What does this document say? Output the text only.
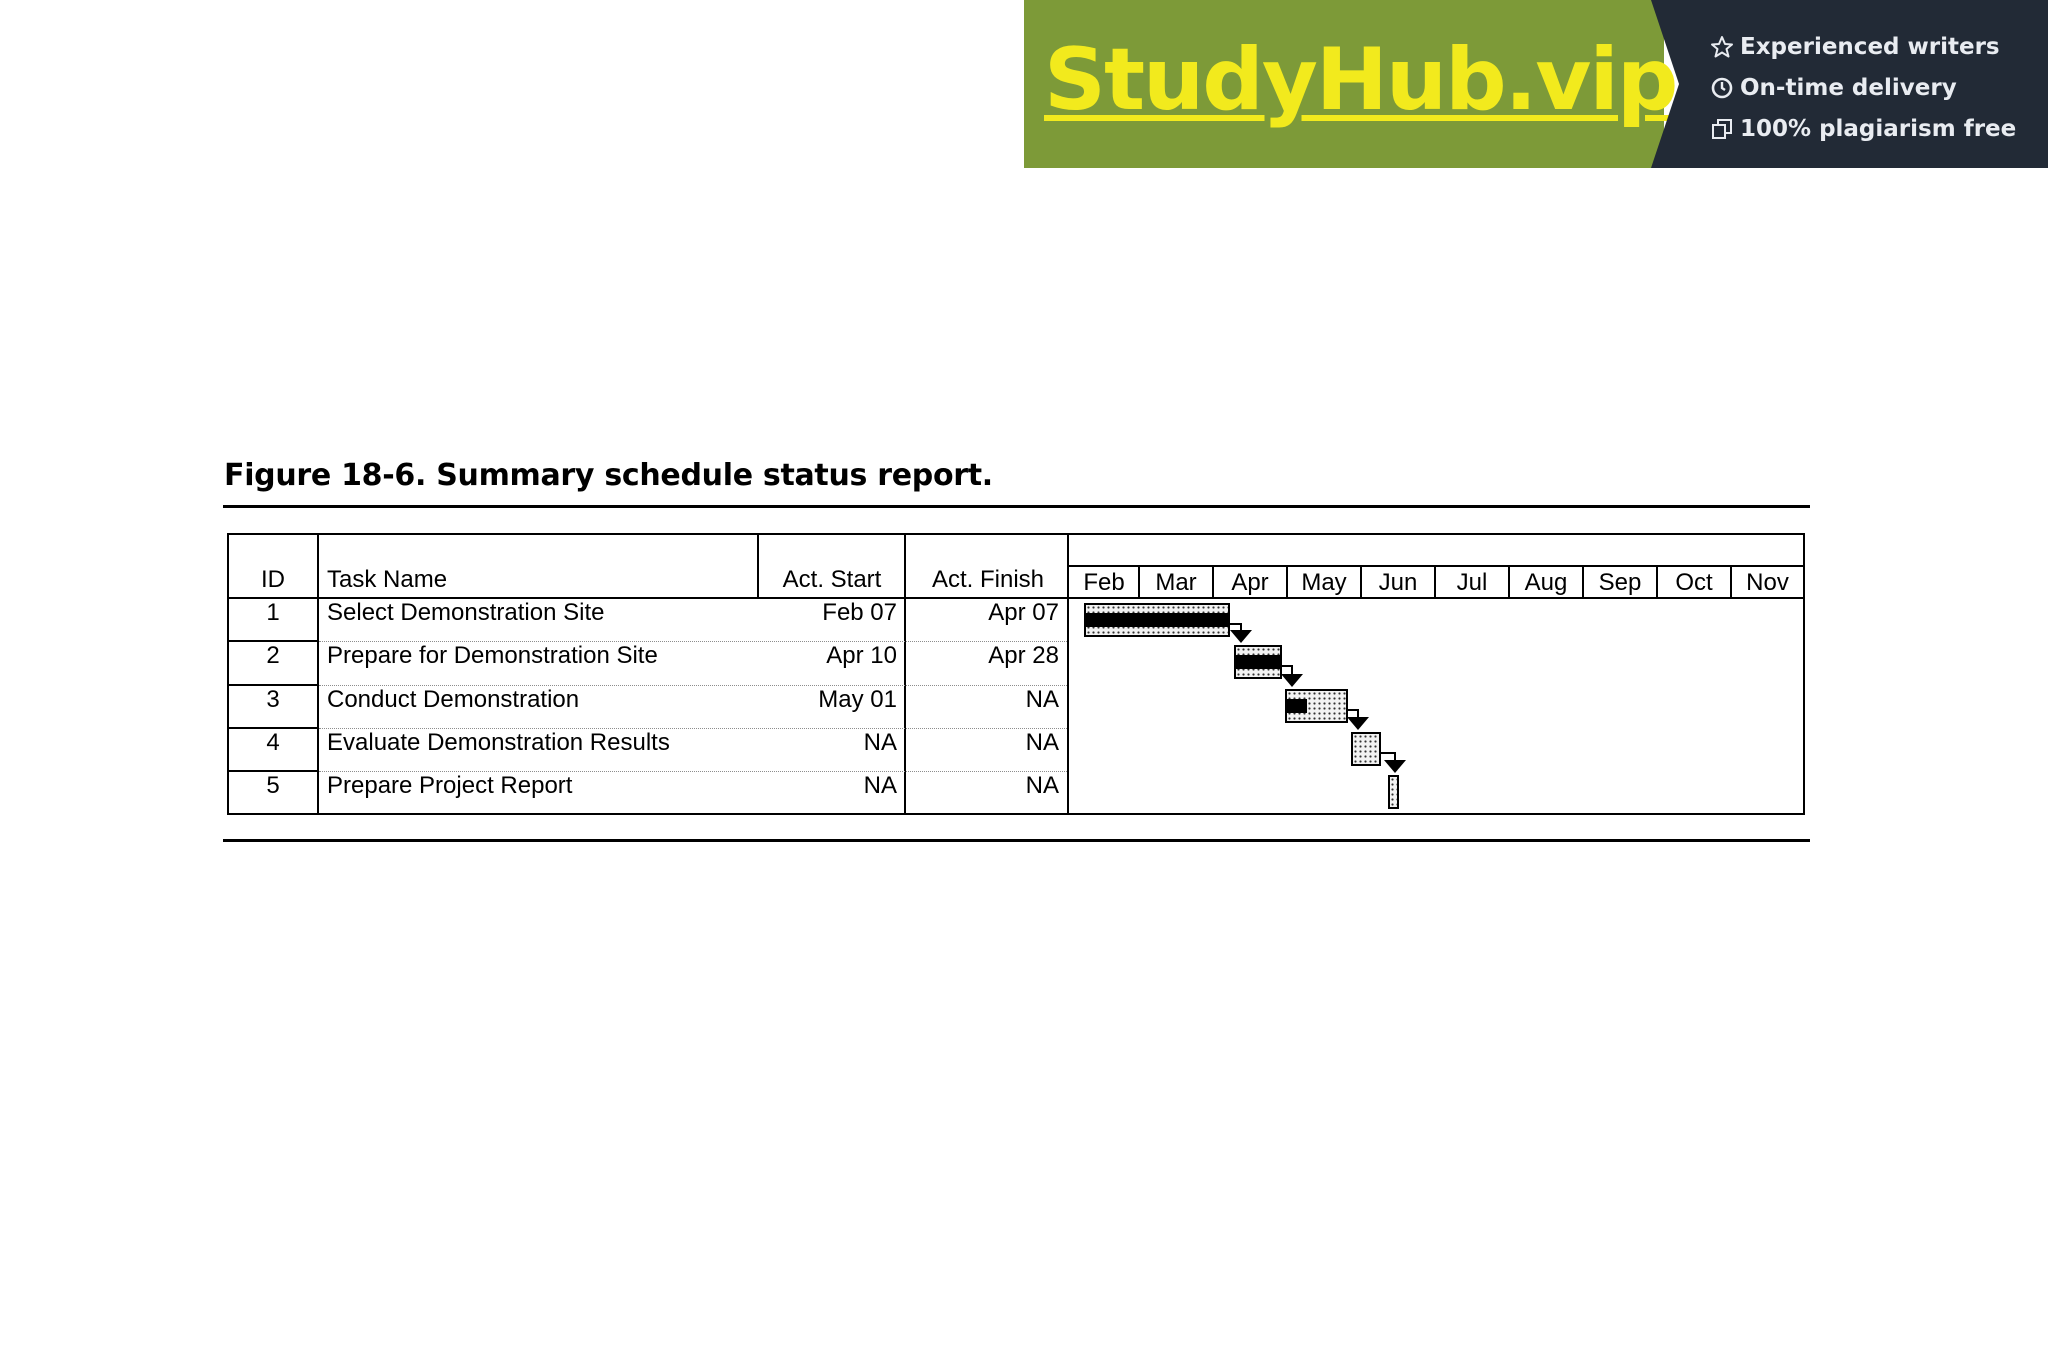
StudyHub.vip	Experienced writers
On-time delivery
100% plagiarism free
Figure 18-6. Summary schedule status report.
ID	Task Name	Act. Start	Act. Finish	Feb	Mar	Apr	May	Jun	Jul	Aug	Sep	Oct	Nov
1	Select Demonstration Site	Feb 07	Apr 07
2	Prepare for Demonstration Site	Apr 10	Apr 28
3	Conduct Demonstration	May 01	NA
4	Evaluate Demonstration Results	NA	NA
5	Prepare Project Report	NA	NA
